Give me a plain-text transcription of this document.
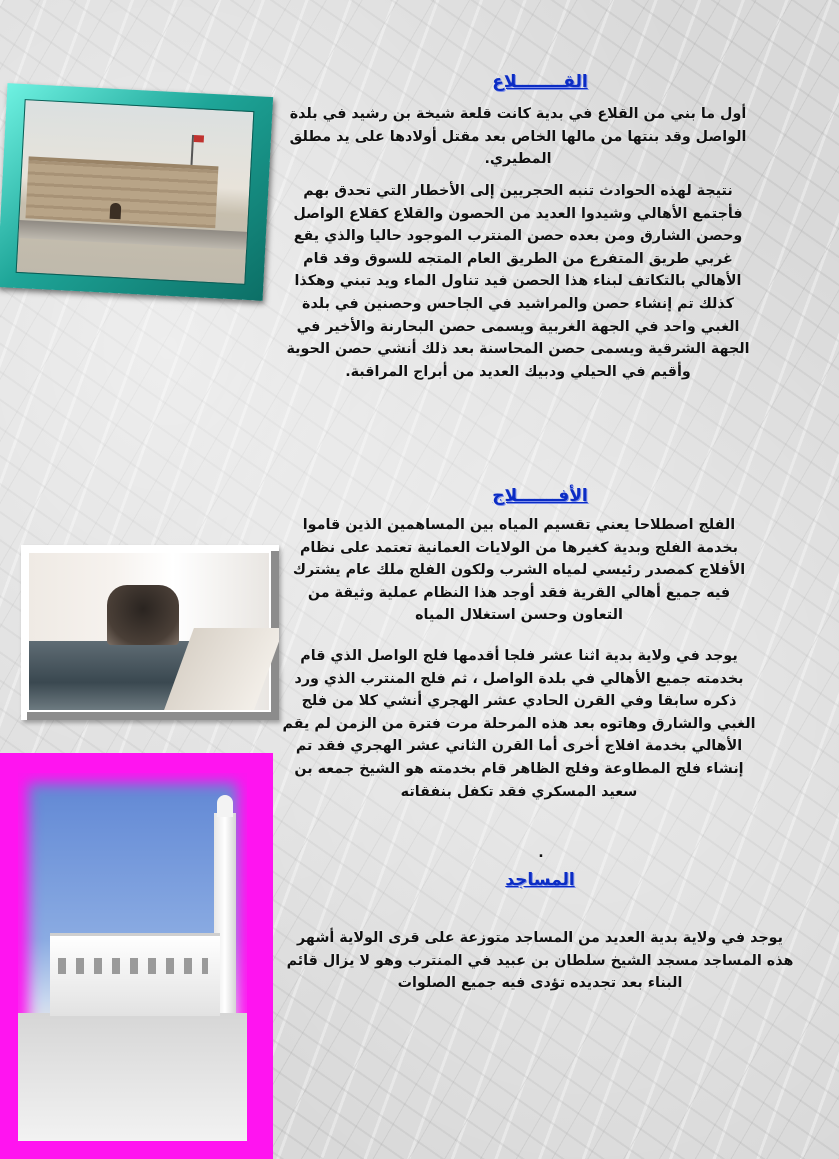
القــــــــلاع

أول ما بني من القلاع في بدية كانت قلعة شيخة بن رشيد في بلدة الواصل وقد بنتها من مالها الخاص بعد مقتل أولادها على يد مطلق المطيري.

نتيجة لهذه الحوادث تنبه الحجريين إلى الأخطار التي تحدق بهم فأجتمع الأهالي وشيدوا العديد من الحصون والقلاع كقلاع الواصل وحصن الشارق ومن بعده حصن المنترب الموجود حاليا والذي يقع غربي طريق المتفرع من الطريق العام المتجه للسوق وقد قام الأهالي بالتكاتف لبناء هذا الحصن فيد تناول الماء ويد تبني وهكذا كذلك تم إنشاء حصن والمراشيد في الجاحس وحصنين في بلدة الغبي واحد في الجهة الغربية ويسمى حصن البحارنة والأخير في الجهة الشرقية ويسمى حصن المحاسنة بعد ذلك أنشي حصن الحوية وأقيم في الحيلي ودبيك العديد من أبراج المراقبة.

الأفـــــــلاج

الفلج اصطلاحا يعني تقسيم المياه بين المساهمين الذين قاموا بخدمة الفلج وبدية كغيرها من الولايات العمانية تعتمد على نظام الأفلاج كمصدر رئيسي لمياه الشرب ولكون الفلج ملك عام يشترك فيه جميع أهالي القرية فقد أوجد هذا النظام عملية وثيقة من التعاون وحسن استغلال المياه

يوجد في ولاية بدية اثنا عشر فلجا أقدمها فلج الواصل الذي قام بخدمته جميع الأهالي في بلدة الواصل ، ثم فلج المنترب الذي ورد ذكره سابقا وفي القرن الحادي عشر الهجري أنشي كلا من فلج الغبي والشارق وهاتوه بعد هذه المرحلة مرت فترة من الزمن لم يقم الأهالي بخدمة افلاج أخرى أما القرن الثاني عشر الهجري فقد تم إنشاء فلج المطاوعة وفلج الظاهر قام بخدمته هو الشيخ جمعه بن سعيد المسكري فقد تكفل بنفقاته

.
المساجد

يوجد في ولاية بدية العديد من المساجد متوزعة على قرى الولاية أشهر هذه المساجد مسجد الشيخ سلطان بن عبيد في المنترب وهو لا يزال قائم البناء بعد تجديده تؤدى فيه جميع الصلوات
